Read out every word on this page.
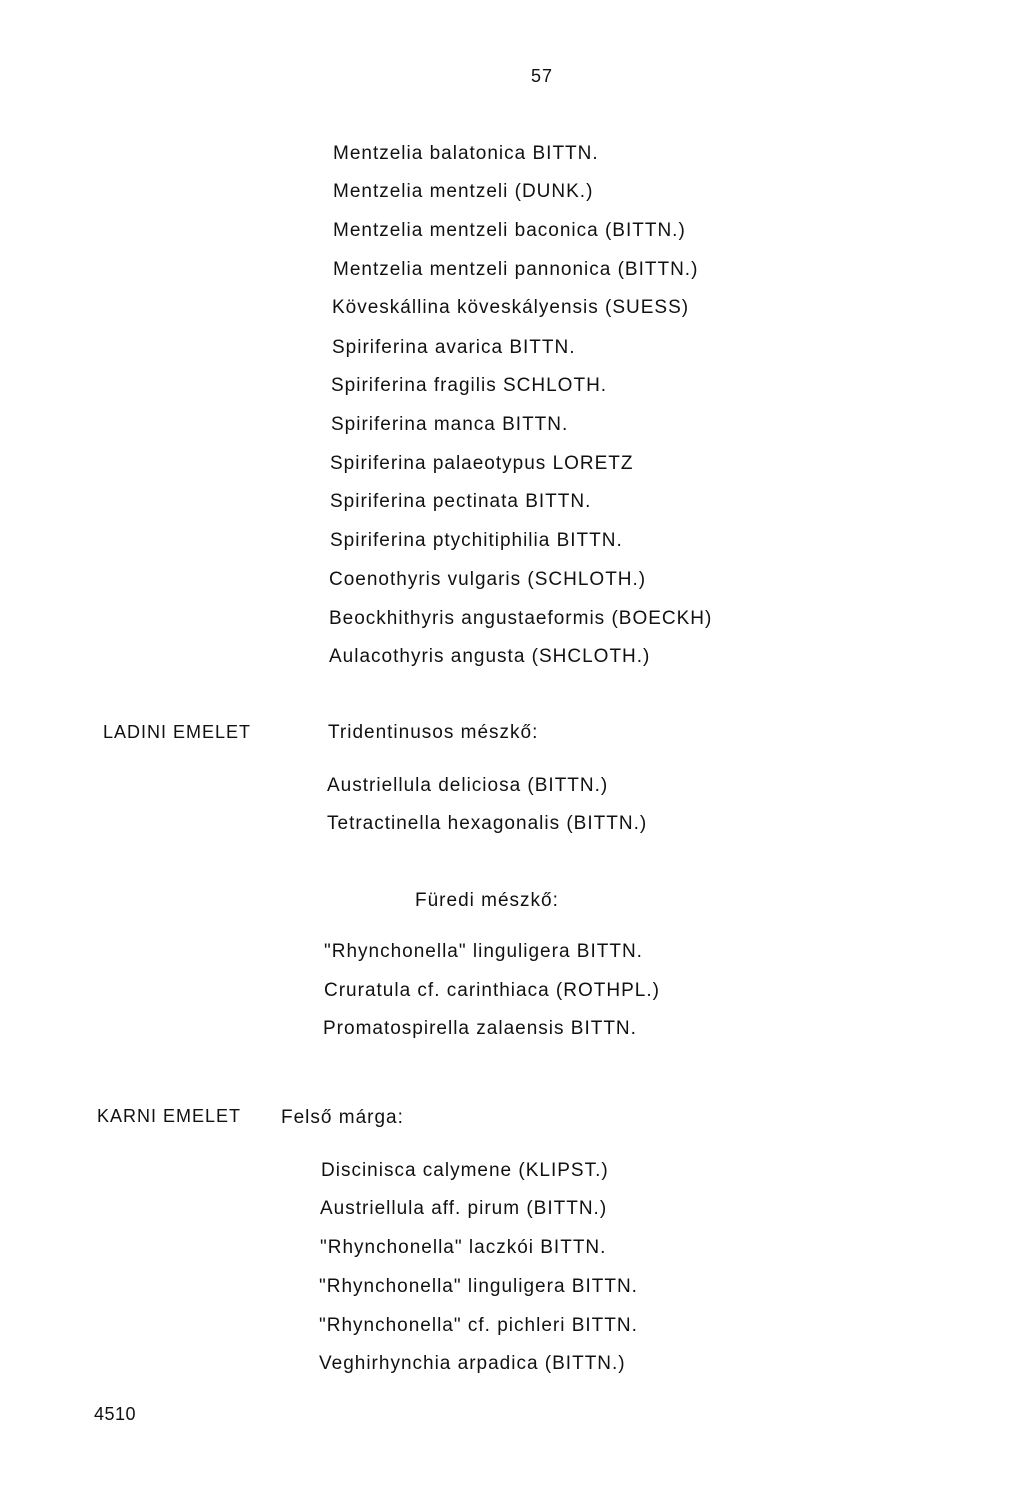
57
Mentzelia balatonica BITTN.
Mentzelia mentzeli (DUNK.)
Mentzelia mentzeli baconica (BITTN.)
Mentzelia mentzeli pannonica (BITTN.)
Köveskállina köveskályensis (SUESS)
Spiriferina avarica BITTN.
Spiriferina fragilis SCHLOTH.
Spiriferina manca BITTN.
Spiriferina palaeotypus LORETZ
Spiriferina pectinata BITTN.
Spiriferina ptychitiphilia BITTN.
Coenothyris vulgaris (SCHLOTH.)
Beockhithyris angustaeformis (BOECKH)
Aulacothyris angusta (SHCLOTH.)
LADINI EMELET	Tridentinusos mészkő:
Austriellula deliciosa (BITTN.)
Tetractinella hexagonalis (BITTN.)
Füredi mészkő:
"Rhynchonella" linguligera BITTN.
Cruratula cf. carinthiaca (ROTHPL.)
Promatospirella zalaensis BITTN.
KARNI EMELET Felső márga:
Discinisca calymene (KLIPST.)
Austriellula aff. pirum (BITTN.)
"Rhynchonella" laczkói BITTN.
"Rhynchonella" linguligera BITTN.
"Rhynchonella" cf. pichleri BITTN.
Veghirhynchia arpadica (BITTN.)
4510
